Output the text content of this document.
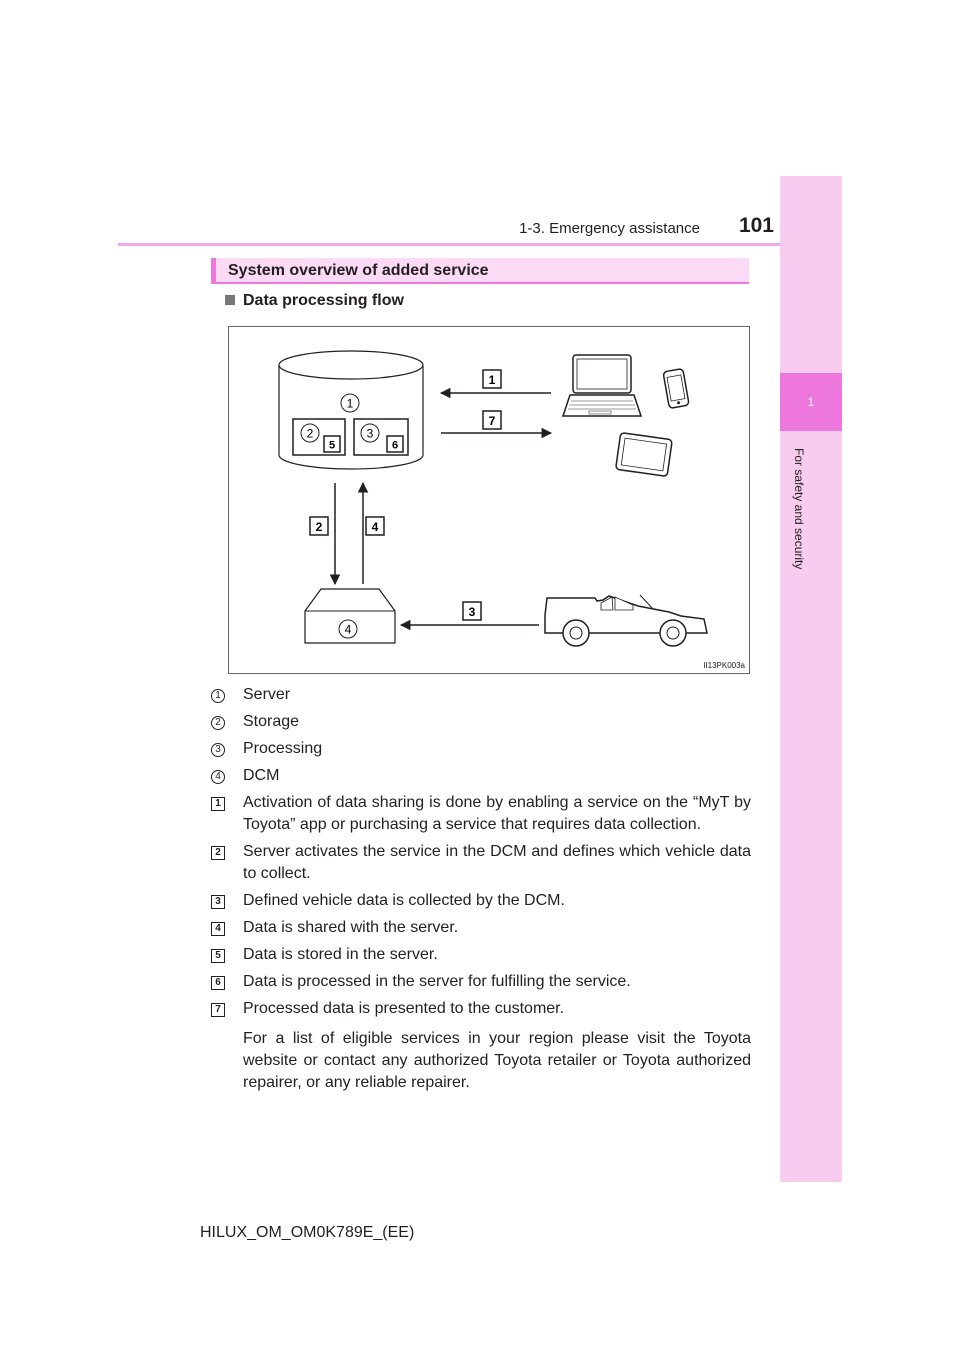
1-3. Emergency assistance	101
1
For safety and security
System overview of added service
Data processing flow
1
2	3
4
1
2
3
4
5	6
7
II13PK003a
1 Server
2 Storage
3 Processing
4 DCM
1 Activation of data sharing is done by enabling a service on the “MyT by Toyota” app or purchasing a service that requires data collection.
2 Server activates the service in the DCM and defines which vehicle data to collect.
3 Defined vehicle data is collected by the DCM.
4 Data is shared with the server.
5 Data is stored in the server.
6 Data is processed in the server for fulfilling the service.
7 Processed data is presented to the customer.
For a list of eligible services in your region please visit the Toyota website or contact any authorized Toyota retailer or Toyota authorized repairer, or any reliable repairer.
HILUX_OM_OM0K789E_(EE)
